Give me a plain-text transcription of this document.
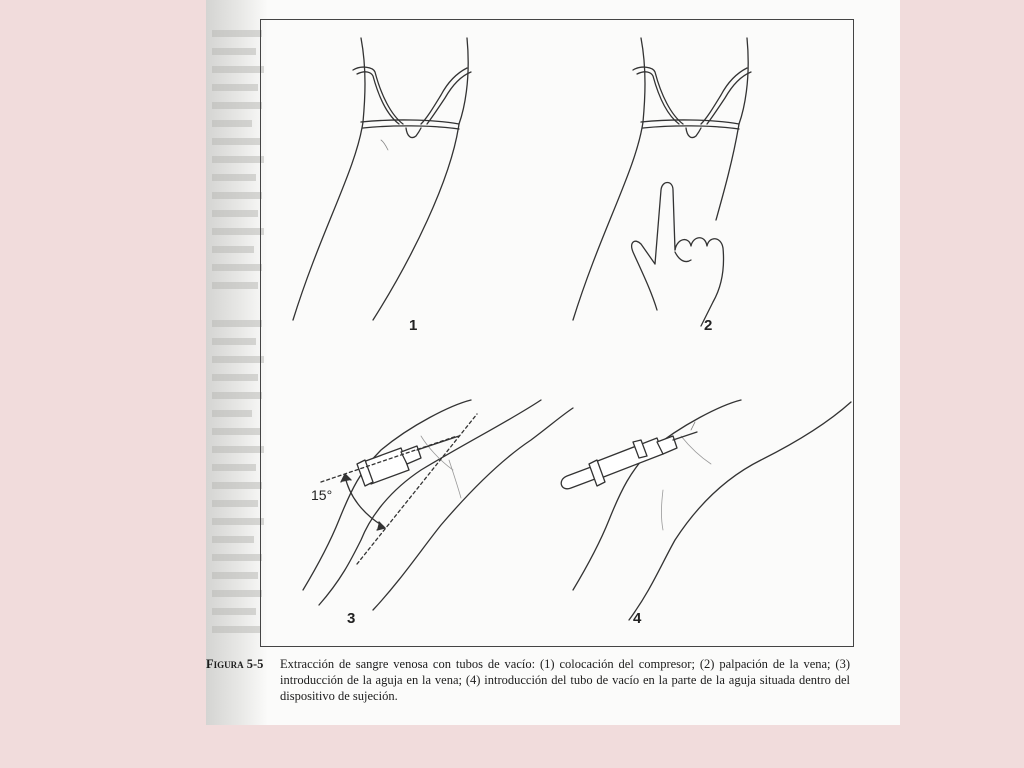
1	2
3	4
15°
Figura 5-5	Extracción de sangre venosa con tubos de vacío: (1) colocación del compresor; (2) palpación de la vena; (3) introducción de la aguja en la vena; (4) introducción del tubo de vacío en la parte de la aguja situada dentro del dispositivo de sujeción.
